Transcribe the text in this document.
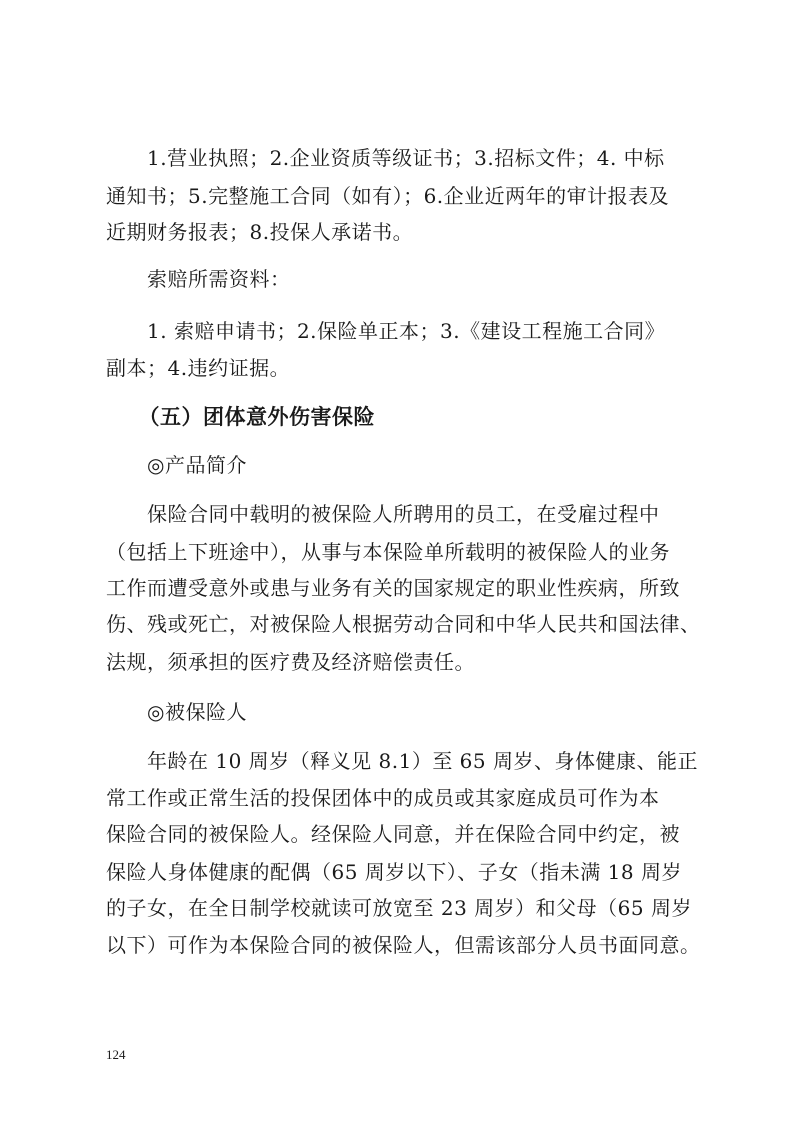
　　1.营业执照；2.企业资质等级证书；3.招标文件；4. 中标
通知书；5.完整施工合同（如有）；6.企业近两年的审计报表及
近期财务报表；8.投保人承诺书。
　　索赔所需资料：
　　1. 索赔申请书；2.保险单正本；3.《建设工程施工合同》
副本；4.违约证据。
　　（五）团体意外伤害保险
　　◎产品简介
　　保险合同中载明的被保险人所聘用的员工，在受雇过程中
（包括上下班途中），从事与本保险单所载明的被保险人的业务
工作而遭受意外或患与业务有关的国家规定的职业性疾病，所致
伤、残或死亡，对被保险人根据劳动合同和中华人民共和国法律、
法规，须承担的医疗费及经济赔偿责任。
　　◎被保险人
　　年龄在 10 周岁（释义见 8.1）至 65 周岁、身体健康、能正
常工作或正常生活的投保团体中的成员或其家庭成员可作为本
保险合同的被保险人。经保险人同意，并在保险合同中约定，被
保险人身体健康的配偶（65 周岁以下）、子女（指未满 18 周岁
的子女，在全日制学校就读可放宽至 23 周岁）和父母（65 周岁
以下）可作为本保险合同的被保险人，但需该部分人员书面同意。
124
